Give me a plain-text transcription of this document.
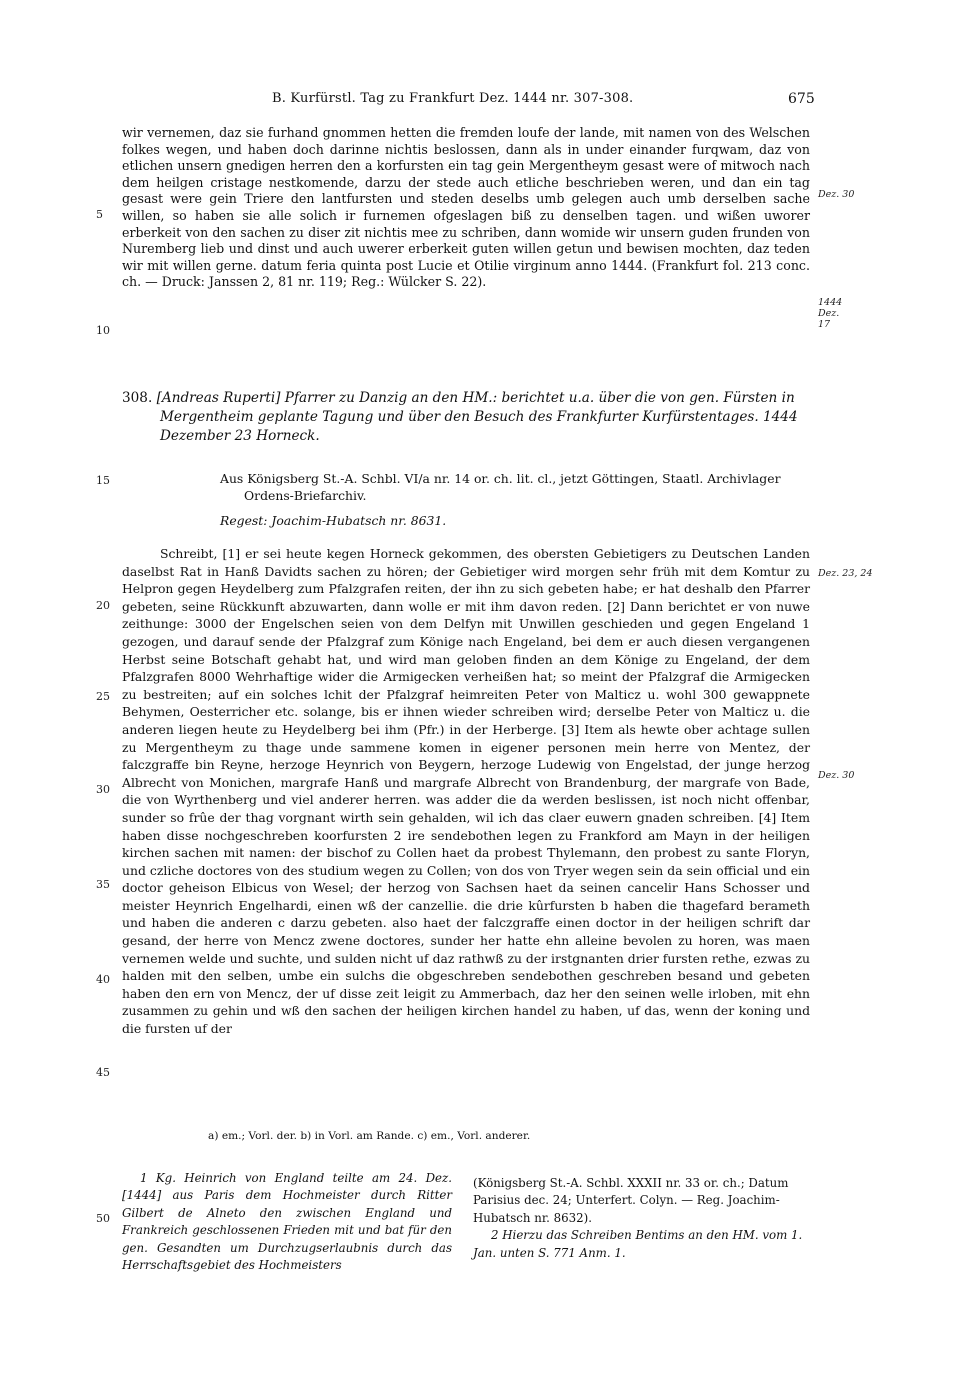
B. Kurfürstl. Tag zu Frankfurt Dez. 1444 nr. 307-308.	675

wir vernemen, daz sie furhand gnommen hetten die fremden loufe der lande, mit namen von des Welschen folkes wegen, und haben doch darinne nichtis beslossen, dann als in under einander furqwam, daz von etlichen unsern gnedigen herren den a korfursten ein tag gein Mergentheym gesast were of mitwoch nach dem heilgen cristage nestkomende, darzu der stede auch etliche beschrieben weren, und dan ein tag gesast were gein Triere den lantfursten und steden deselbs umb gelegen auch umb derselben sache willen, so haben sie alle solich ir furnemen ofgeslagen biß zu denselben tagen. und wißen uworer erberkeit von den sachen zu diser zit nichtis mee zu schriben, dann womide wir unsern guden frunden von Nuremberg lieb und dinst und auch uwerer erberkeit guten willen getun und bewisen mochten, daz teden wir mit willen gerne. datum feria quinta post Lucie et Otilie virginum anno 1444. (Frankfurt fol. 213 conc. ch. — Druck: Janssen 2, 81 nr. 119; Reg.: Wülcker S. 22).

5
10
15
20
25
30
35
40
45
50
Dez. 30
1444 Dez. 17
Dez. 23, 24
Dez. 30

308. [Andreas Ruperti] Pfarrer zu Danzig an den HM.: berichtet u.a. über die von gen. Fürsten in Mergentheim geplante Tagung und über den Besuch des Frankfurter Kurfürstentages. 1444 Dezember 23 Horneck.

Aus Königsberg St.-A. Schbl. VI/a nr. 14 or. ch. lit. cl., jetzt Göttingen, Staatl. Archivlager Ordens-Briefarchiv.

Regest: Joachim-Hubatsch nr. 8631.

Schreibt, [1] er sei heute kegen Horneck gekommen, des obersten Gebietigers zu Deutschen Landen daselbst Rat in Hanß Davidts sachen zu hören; der Gebietiger wird morgen sehr früh mit dem Komtur zu Helpron gegen Heydelberg zum Pfalzgrafen reiten, der ihn zu sich gebeten habe; er hat deshalb den Pfarrer gebeten, seine Rückkunft abzuwarten, dann wolle er mit ihm davon reden. [2] Dann berichtet er von nuwe zeithunge: 3000 der Engelschen seien von dem Delfyn mit Unwillen geschieden und gegen Engeland 1 gezogen, und darauf sende der Pfalzgraf zum Könige nach Engeland, bei dem er auch diesen vergangenen Herbst seine Botschaft gehabt hat, und wird man geloben finden an dem Könige zu Engeland, der dem Pfalzgrafen 8000 Wehrhaftige wider die Armigecken verheißen hat; so meint der Pfalzgraf die Armigecken zu bestreiten; auf ein solches lchit der Pfalzgraf heimreiten Peter von Malticz u. wohl 300 gewappnete Behymen, Oesterricher etc. solange, bis er ihnen wieder schreiben wird; derselbe Peter von Malticz u. die anderen liegen heute zu Heydelberg bei ihm (Pfr.) in der Herberge. [3] Item als hewte ober achtage sullen zu Mergentheym zu thage unde sammene komen in eigener personen mein herre von Mentez, der falczgraffe bin Reyne, herzoge Heynrich von Beygern, herzoge Ludewig von Engelstad, der junge herzog Albrecht von Monichen, margrafe Hanß und margrafe Albrecht von Brandenburg, der margrafe von Bade, die von Wyrthenberg und viel anderer herren. was adder die da werden beslissen, ist noch nicht offenbar, sunder so frûe der thag vorgnant wirth sein gehalden, wil ich das claer euwern gnaden schreiben. [4] Item haben disse nochgeschreben koorfursten 2 ire sendebothen legen zu Frankford am Mayn in der heiligen kirchen sachen mit namen: der bischof zu Collen haet da probest Thylemann, den probest zu sante Floryn, und czliche doctores von des studium wegen zu Collen; von dos von Tryer wegen sein da sein official und ein doctor geheison Elbicus von Wesel; der herzog von Sachsen haet da seinen cancelir Hans Schosser und meister Heynrich Engelhardi, einen wß der canzellie. die drie kûrfursten b haben die thagefard berameth und haben die anderen c darzu gebeten. also haet der falczgraffe einen doctor in der heiligen schrift dar gesand, der herre von Mencz zwene doctores, sunder her hatte ehn alleine bevolen zu horen, was maen vernemen welde und suchte, und sulden nicht uf daz rathwß zu der irstgnanten drier fursten rethe, ezwas zu halden mit den selben, umbe ein sulchs die obgeschreben sendebothen geschreben besand und gebeten haben den ern von Mencz, der uf disse zeit leigit zu Ammerbach, daz her den seinen welle irloben, mit ehn zusammen zu gehin und wß den sachen der heiligen kirchen handel zu haben, uf das, wenn der koning und die fursten uf der

a) em.; Vorl. der. b) in Vorl. am Rande. c) em., Vorl. anderer.

1 Kg. Heinrich von England teilte am 24. Dez. [1444] aus Paris dem Hochmeister durch Ritter Gilbert de Alneto den zwischen England und Frankreich geschlossenen Frieden mit und bat für den gen. Gesandten um Durchzugserlaubnis durch das Herrschaftsgebiet des Hochmeisters

(Königsberg St.-A. Schbl. XXXII nr. 33 or. ch.; Datum Parisius dec. 24; Unterfert. Colyn. — Reg. Joachim-Hubatsch nr. 8632).

2 Hierzu das Schreiben Bentims an den HM. vom 1. Jan. unten S. 771 Anm. 1.
